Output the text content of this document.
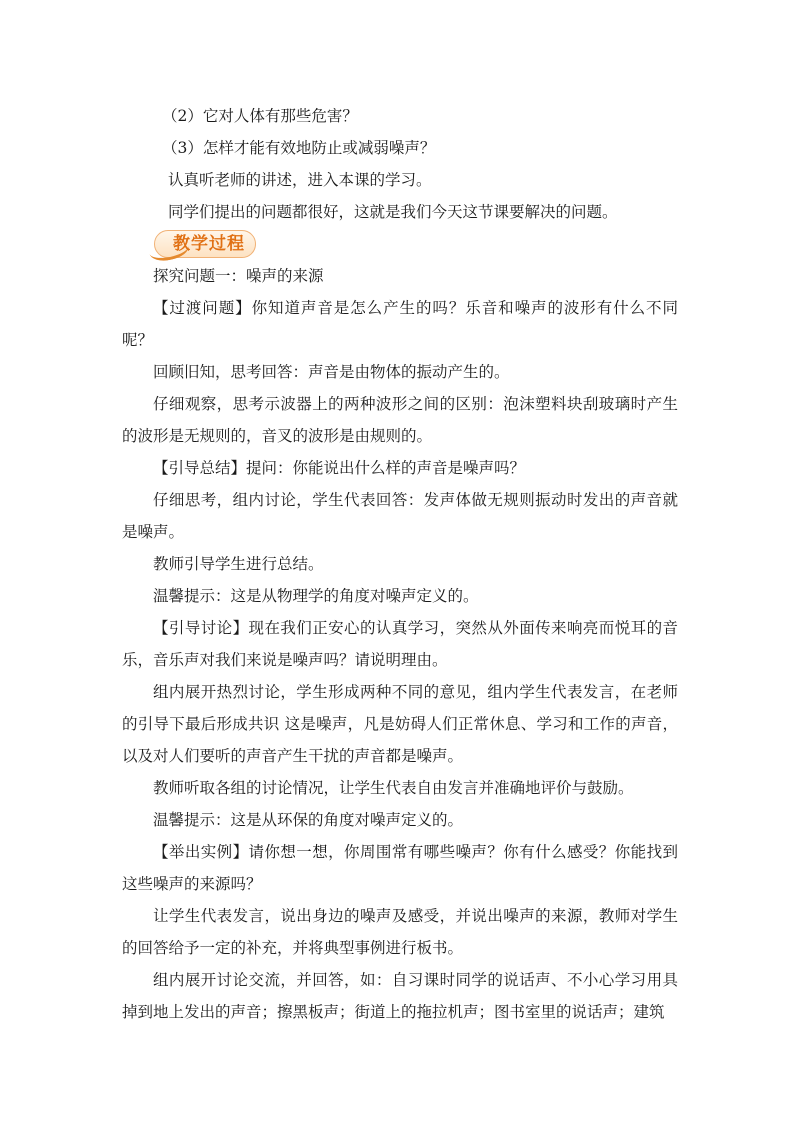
（2）它对人体有那些危害？

（3）怎样才能有效地防止或减弱噪声？

认真听老师的讲述，进入本课的学习。

同学们提出的问题都很好，这就是我们今天这节课要解决的问题。

教学过程

探究问题一：噪声的来源

【过渡问题】你知道声音是怎么产生的吗？乐音和噪声的波形有什么不同呢？

回顾旧知，思考回答：声音是由物体的振动产生的。

仔细观察，思考示波器上的两种波形之间的区别：泡沫塑料块刮玻璃时产生的波形是无规则的，音叉的波形是由规则的。

【引导总结】提问：你能说出什么样的声音是噪声吗？

仔细思考，组内讨论，学生代表回答：发声体做无规则振动时发出的声音就是噪声。

教师引导学生进行总结。

温馨提示：这是从物理学的角度对噪声定义的。

【引导讨论】现在我们正安心的认真学习，突然从外面传来响亮而悦耳的音乐，音乐声对我们来说是噪声吗？请说明理由。

组内展开热烈讨论，学生形成两种不同的意见，组内学生代表发言，在老师的引导下最后形成共识 这是噪声，凡是妨碍人们正常休息、学习和工作的声音，以及对人们要听的声音产生干扰的声音都是噪声。

教师听取各组的讨论情况，让学生代表自由发言并准确地评价与鼓励。

温馨提示：这是从环保的角度对噪声定义的。

【举出实例】请你想一想，你周围常有哪些噪声？你有什么感受？你能找到这些噪声的来源吗？

让学生代表发言，说出身边的噪声及感受，并说出噪声的来源，教师对学生的回答给予一定的补充，并将典型事例进行板书。

组内展开讨论交流，并回答，如：自习课时同学的说话声、不小心学习用具掉到地上发出的声音；擦黑板声；街道上的拖拉机声；图书室里的说话声；建筑
